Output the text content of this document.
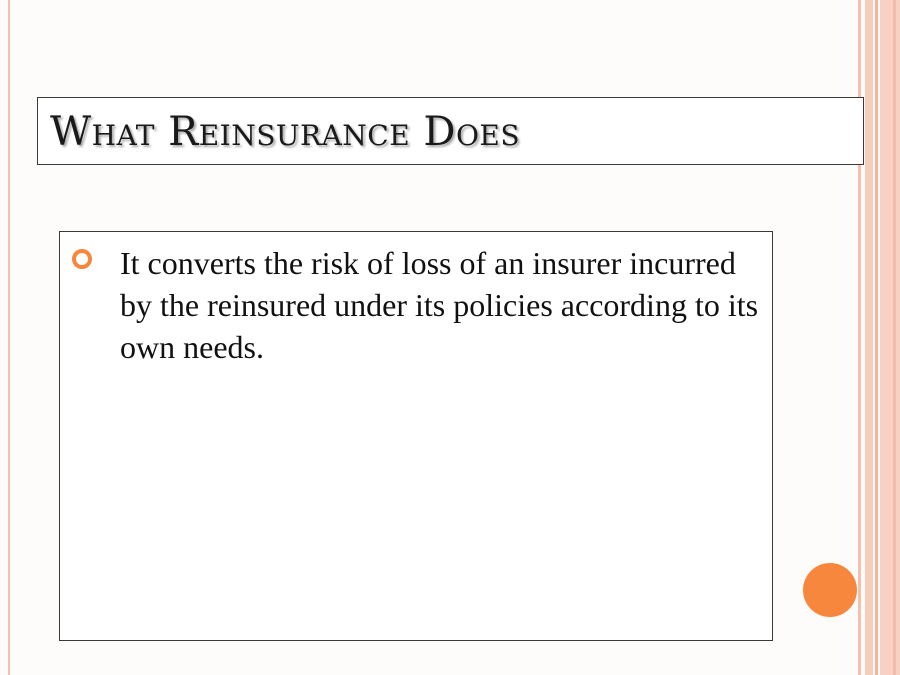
What Reinsurance Does
It converts the risk of loss of an insurer incurred by the reinsured under its policies according to its own needs.
